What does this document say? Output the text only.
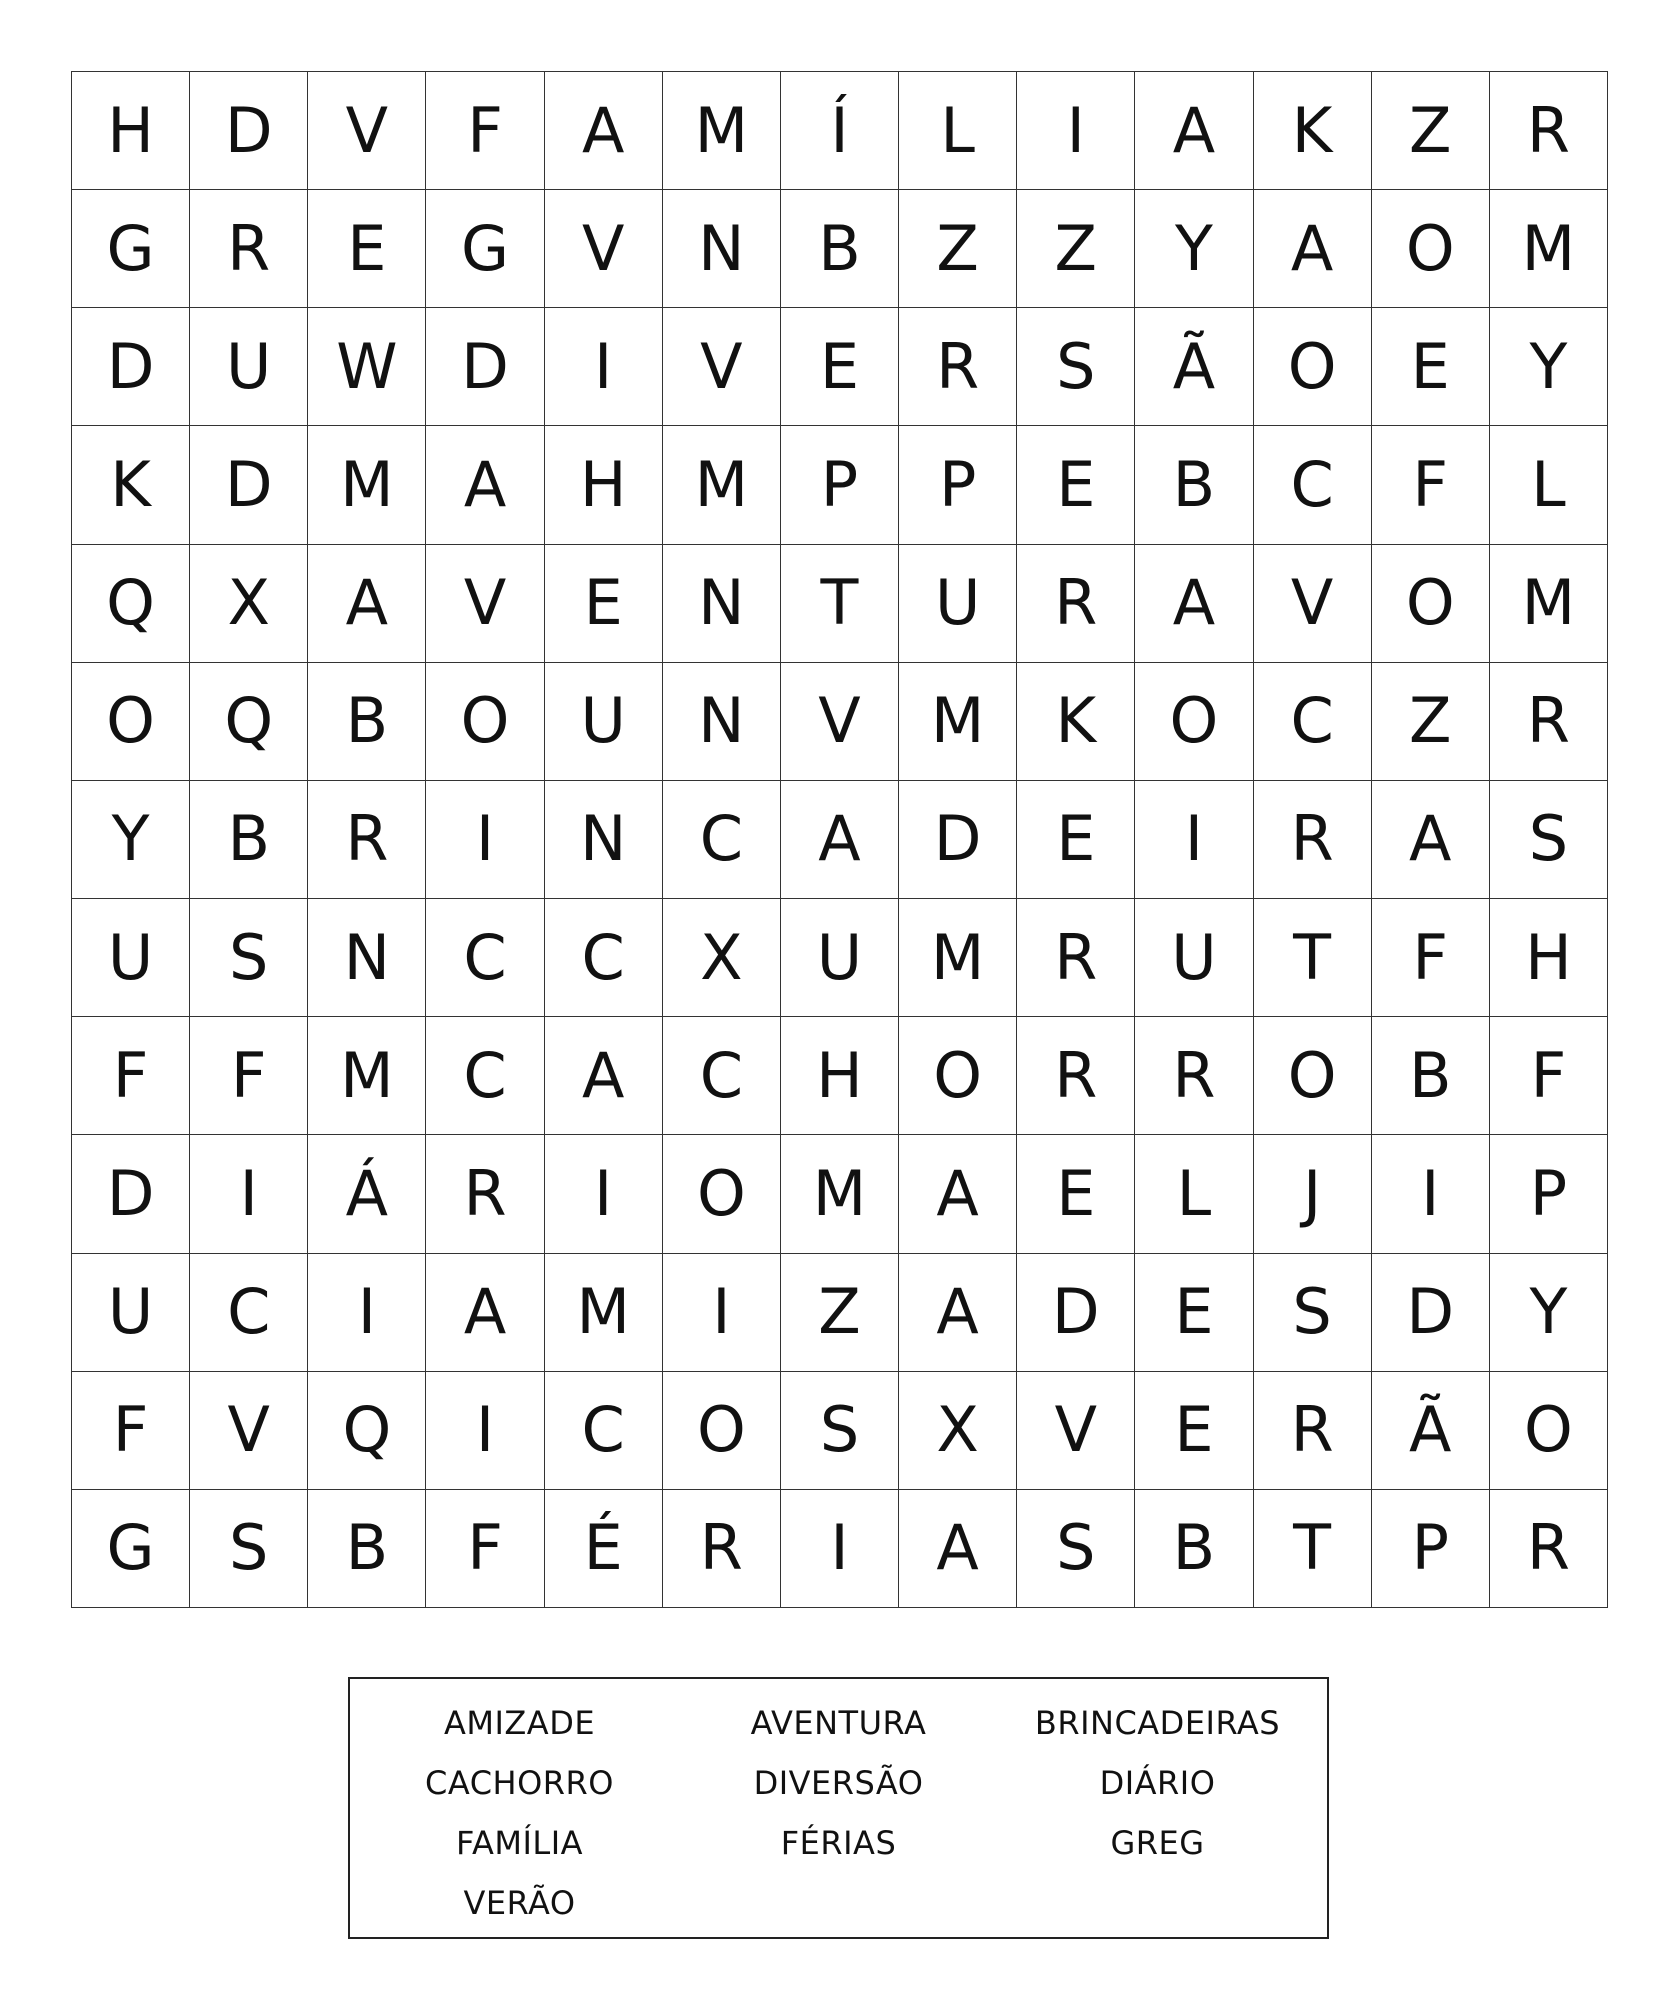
H	D	V	F	A	M	Í	L	I	A	K	Z	R
G	R	E	G	V	N	B	Z	Z	Y	A	O	M
D	U	W	D	I	V	E	R	S	Ã	O	E	Y
K	D	M	A	H	M	P	P	E	B	C	F	L
Q	X	A	V	E	N	T	U	R	A	V	O	M
O	Q	B	O	U	N	V	M	K	O	C	Z	R
Y	B	R	I	N	C	A	D	E	I	R	A	S
U	S	N	C	C	X	U	M	R	U	T	F	H
F	F	M	C	A	C	H	O	R	R	O	B	F
D	I	Á	R	I	O	M	A	E	L	J	I	P
U	C	I	A	M	I	Z	A	D	E	S	D	Y
F	V	Q	I	C	O	S	X	V	E	R	Ã	O
G	S	B	F	É	R	I	A	S	B	T	P	R
AMIZADE	AVENTURA	BRINCADEIRAS
CACHORRO	DIVERSÃO	DIÁRIO
FAMÍLIA	FÉRIAS	GREG
VERÃO
